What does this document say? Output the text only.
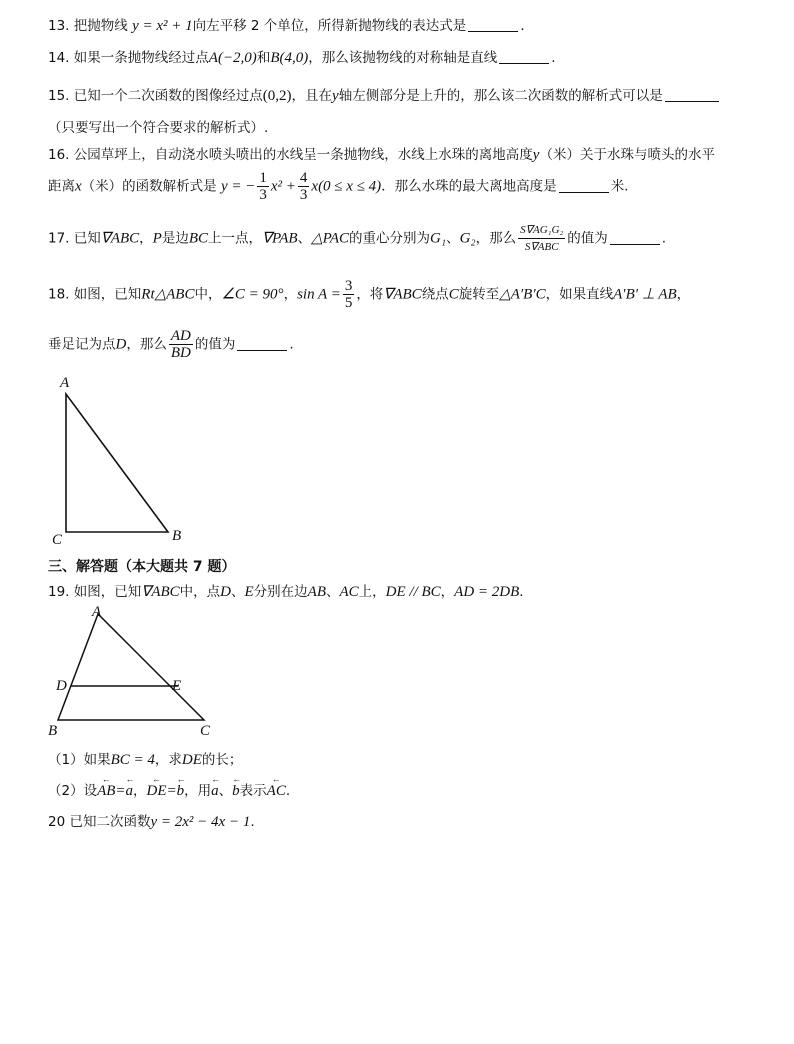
13. 把抛物线 y = x² + 1向左平移 2 个单位，所得新抛物线的表达式是	.
14. 如果一条抛物线经过点A(−2,0)和B(4,0)，那么该抛物线的对称轴是直线	.
15. 已知一个二次函数的图像经过点(0,2)，且在y轴左侧部分是上升的，那么该二次函数的解析式可以是
（只要写出一个符合要求的解析式）.
16. 公园草坪上，自动浇水喷头喷出的水线呈一条抛物线，水线上水珠的离地高度y（米）关于水珠与喷头的水平
距离x（米）的函数解析式是 y = − $\frac{1}{3} x^2 + \frac{4}{3} x(0 \le x \le 4)$．那么水珠的最大离地高度是	米.
17. 已知∇ABC，P是边BC上一点，∇PAB、△PAC的重心分别为G₁、G₂，那么 $\frac{\text{S∇AG₁G₂}}{\text{S∇ABC}}$ 的值为	.
18. 如图，已知Rt△ABC中，∠C = 90°，$\sin A = \frac{3}{5}$ ，将∇ABC绕点C旋转至△A′B′C，如果直线A′B′ ⊥ AB，
垂足记为点D，那么 $\frac{AD}{BD}$ 的值为	.
A
C	B
三、解答题（本大题共 7 题）
19. 如图，已知∇ABC中，点D、E分别在边AB、AC上，DE // BC，AD = 2DB.
A
D	E
B	C
（1）如果BC = 4，求DE的长；
（2）设← AB=← a，← DE=← b，用← a、← b表示← AC.
20 已知二次函数y = 2x² − 4x − 1.
